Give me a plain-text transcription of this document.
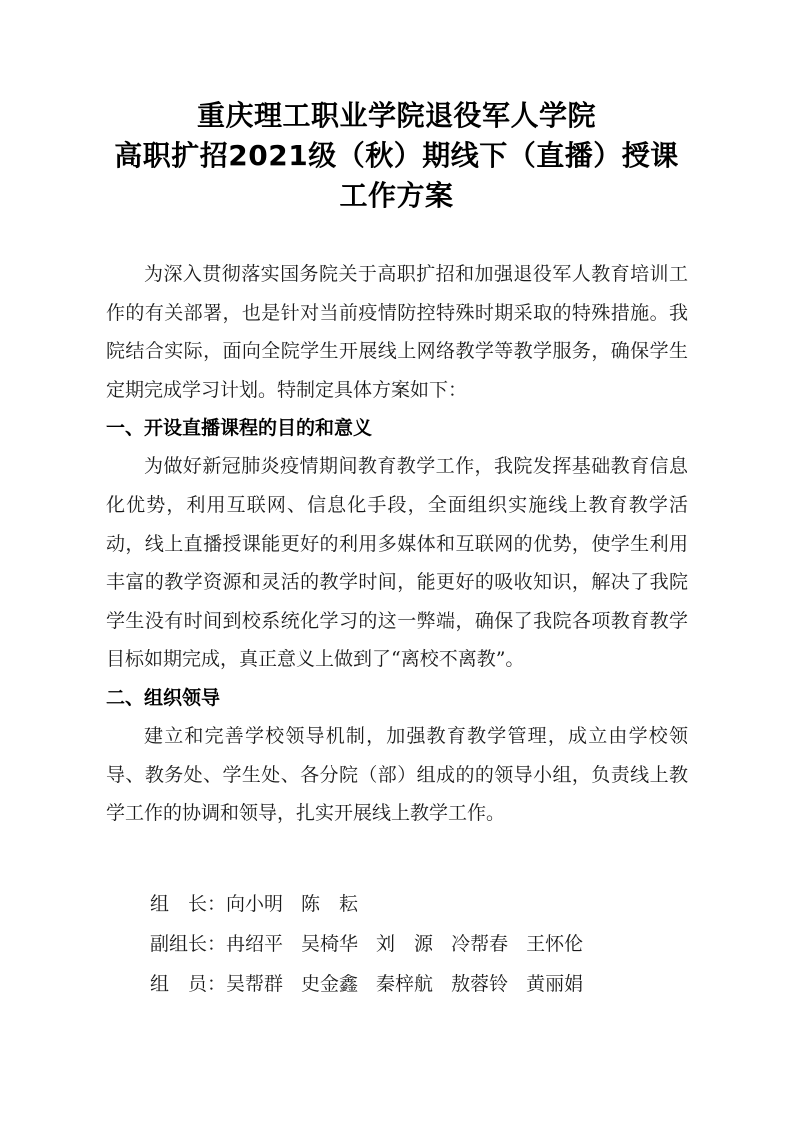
重庆理工职业学院退役军人学院
高职扩招2021级（秋）期线下（直播）授课
工作方案

为深入贯彻落实国务院关于高职扩招和加强退役军人教育培训工作的有关部署，也是针对当前疫情防控特殊时期采取的特殊措施。我院结合实际，面向全院学生开展线上网络教学等教学服务，确保学生定期完成学习计划。特制定具体方案如下：

一、开设直播课程的目的和意义

为做好新冠肺炎疫情期间教育教学工作，我院发挥基础教育信息化优势，利用互联网、信息化手段，全面组织实施线上教育教学活动，线上直播授课能更好的利用多媒体和互联网的优势，使学生利用丰富的教学资源和灵活的教学时间，能更好的吸收知识，解决了我院学生没有时间到校系统化学习的这一弊端，确保了我院各项教育教学目标如期完成，真正意义上做到了“离校不离教”。

二、组织领导

建立和完善学校领导机制，加强教育教学管理，成立由学校领导、教务处、学生处、各分院（部）组成的的领导小组，负责线上教学工作的协调和领导，扎实开展线上教学工作。

组　长： 向小明 陈　耘
副组长： 冉绍平 吴椅华 刘　源 冷帮春 王怀伦
组　员： 吴帮群 史金鑫 秦梓航 敖蓉铃 黄丽娟
